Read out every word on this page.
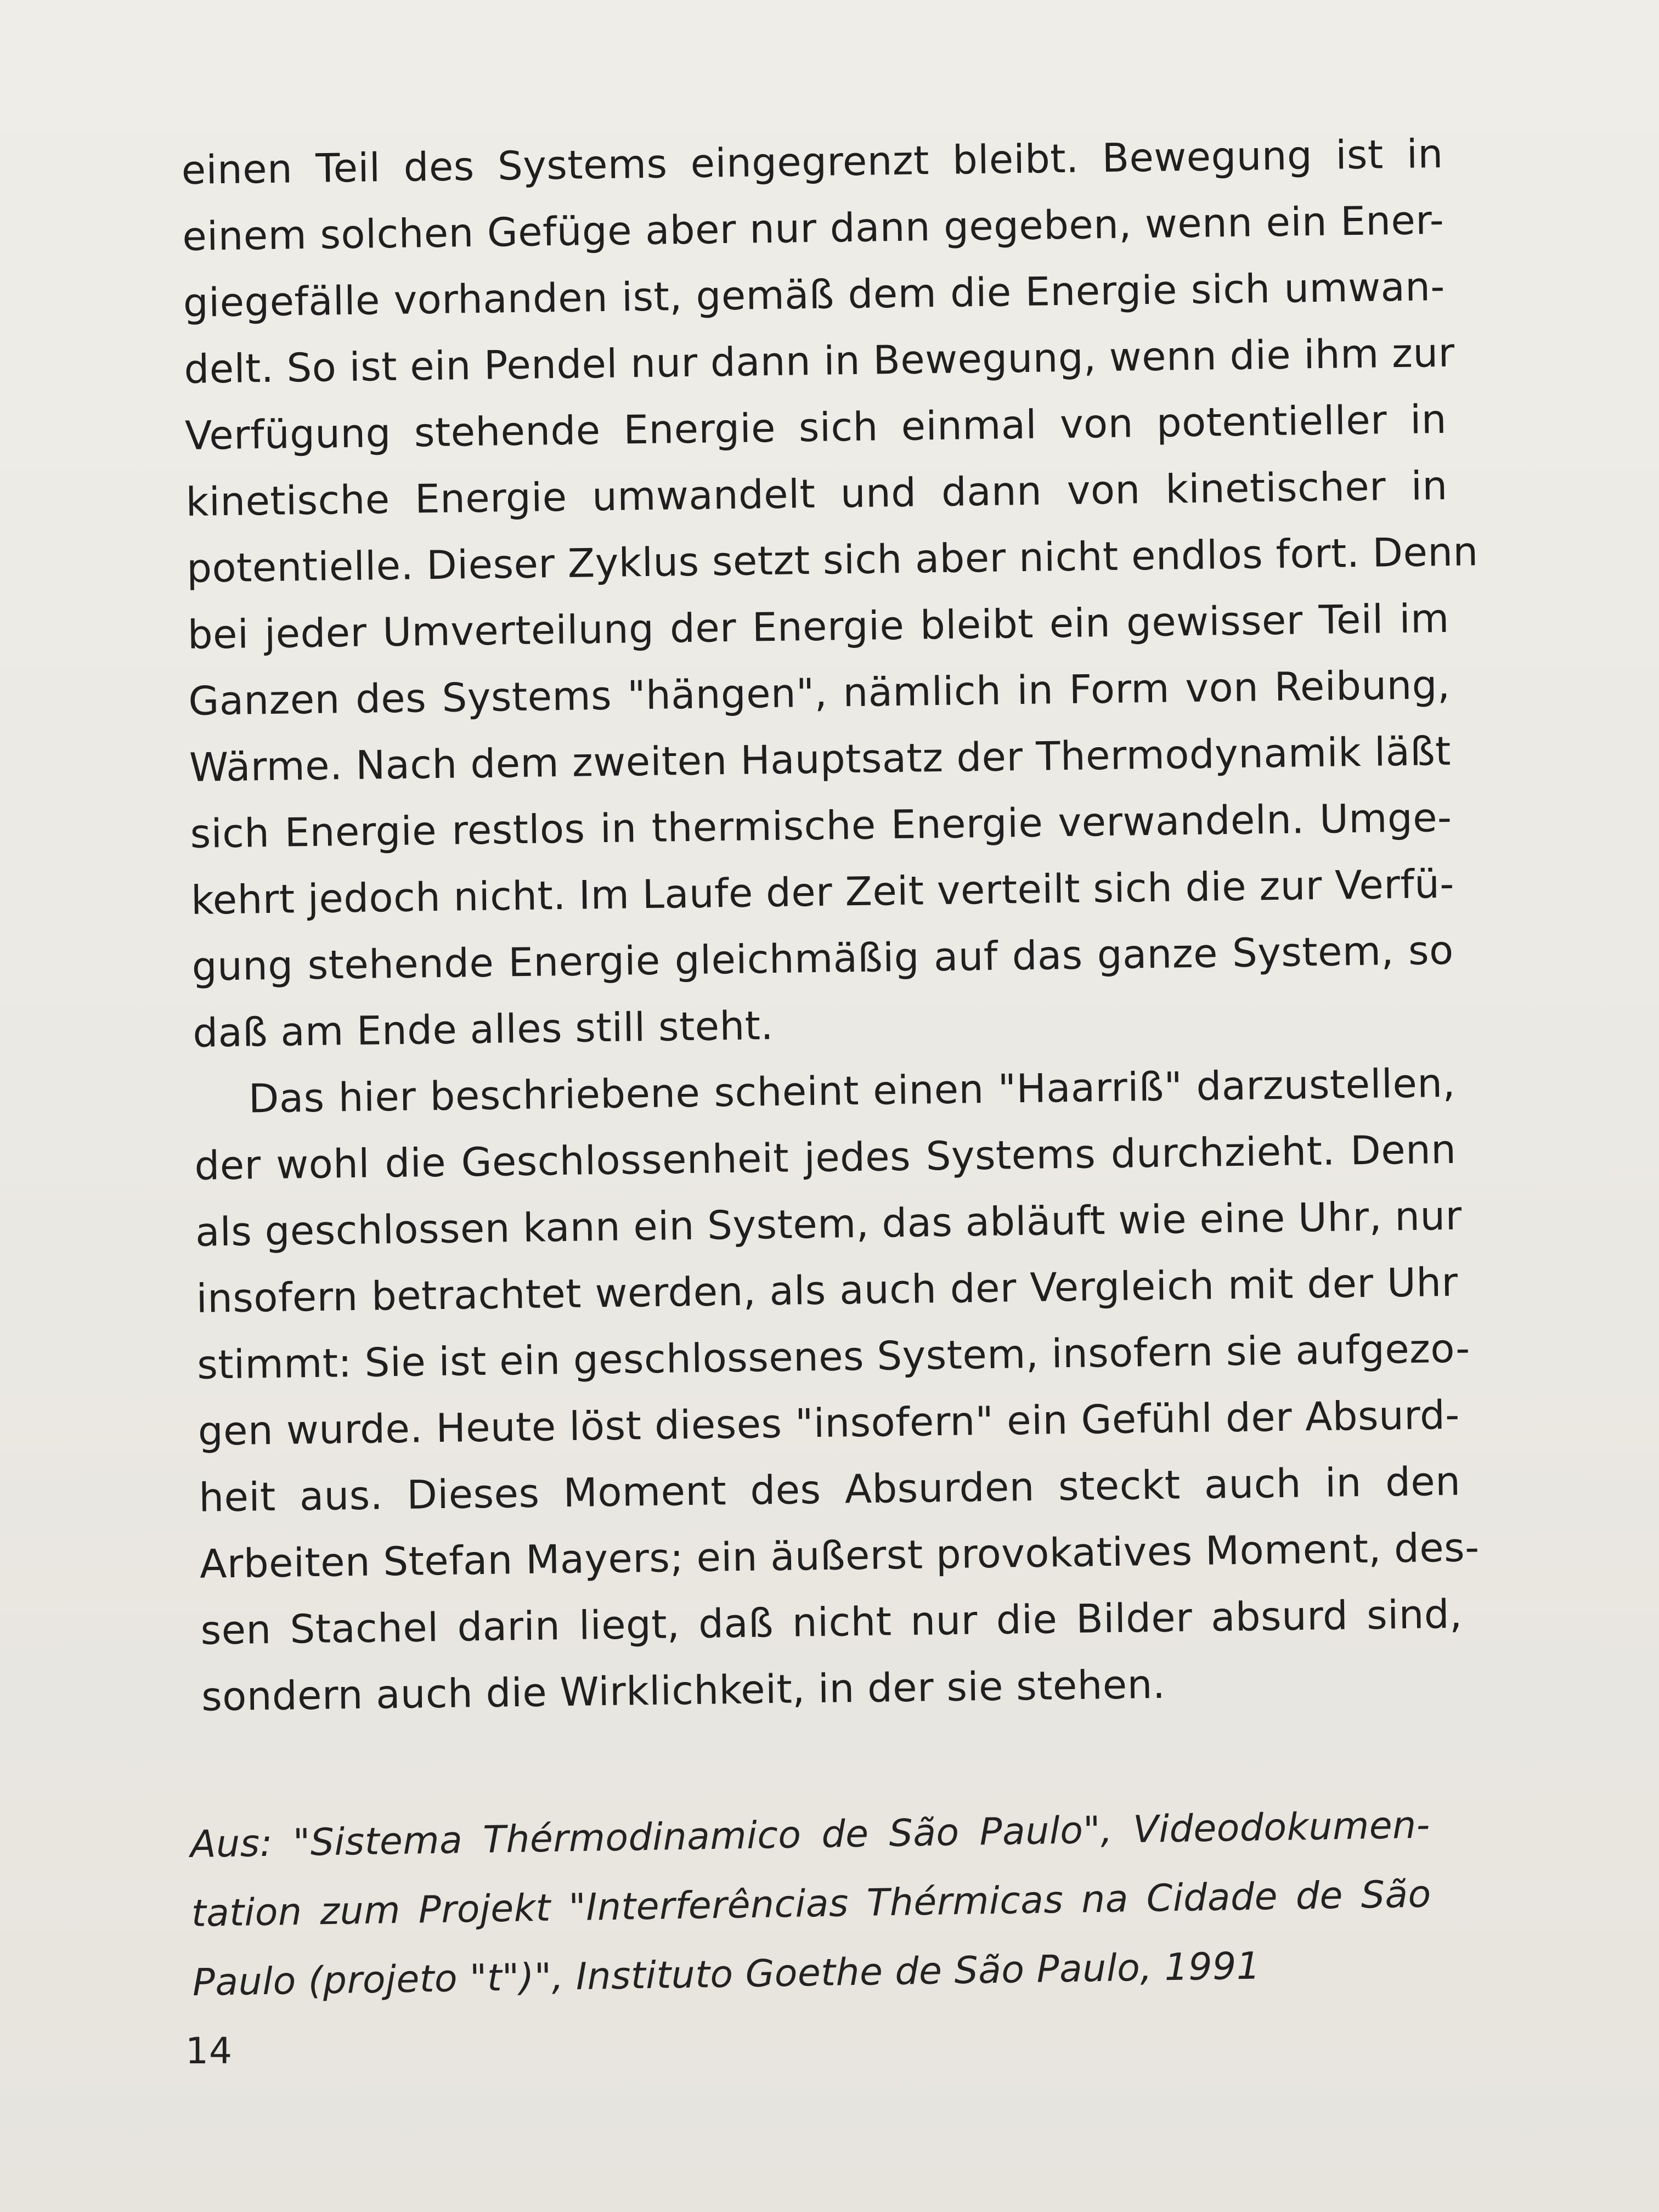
einen Teil des Systems eingegrenzt bleibt. Bewegung ist in
einem solchen Gefüge aber nur dann gegeben, wenn ein Ener-
giegefälle vorhanden ist, gemäß dem die Energie sich umwan-
delt. So ist ein Pendel nur dann in Bewegung, wenn die ihm zur
Verfügung stehende Energie sich einmal von potentieller in
kinetische Energie umwandelt und dann von kinetischer in
potentielle. Dieser Zyklus setzt sich aber nicht endlos fort. Denn
bei jeder Umverteilung der Energie bleibt ein gewisser Teil im
Ganzen des Systems "hängen", nämlich in Form von Reibung,
Wärme. Nach dem zweiten Hauptsatz der Thermodynamik läßt
sich Energie restlos in thermische Energie verwandeln. Umge-
kehrt jedoch nicht. Im Laufe der Zeit verteilt sich die zur Verfü-
gung stehende Energie gleichmäßig auf das ganze System, so
daß am Ende alles still steht.
Das hier beschriebene scheint einen "Haarriß" darzustellen,
der wohl die Geschlossenheit jedes Systems durchzieht. Denn
als geschlossen kann ein System, das abläuft wie eine Uhr, nur
insofern betrachtet werden, als auch der Vergleich mit der Uhr
stimmt: Sie ist ein geschlossenes System, insofern sie aufgezo-
gen wurde. Heute löst dieses "insofern" ein Gefühl der Absurd-
heit aus. Dieses Moment des Absurden steckt auch in den
Arbeiten Stefan Mayers; ein äußerst provokatives Moment, des-
sen Stachel darin liegt, daß nicht nur die Bilder absurd sind,
sondern auch die Wirklichkeit, in der sie stehen.
Aus: "Sistema Thérmodinamico de São Paulo", Videodokumen-
tation zum Projekt "Interferências Thérmicas na Cidade de São
Paulo (projeto "t")", Instituto Goethe de São Paulo, 1991
14
